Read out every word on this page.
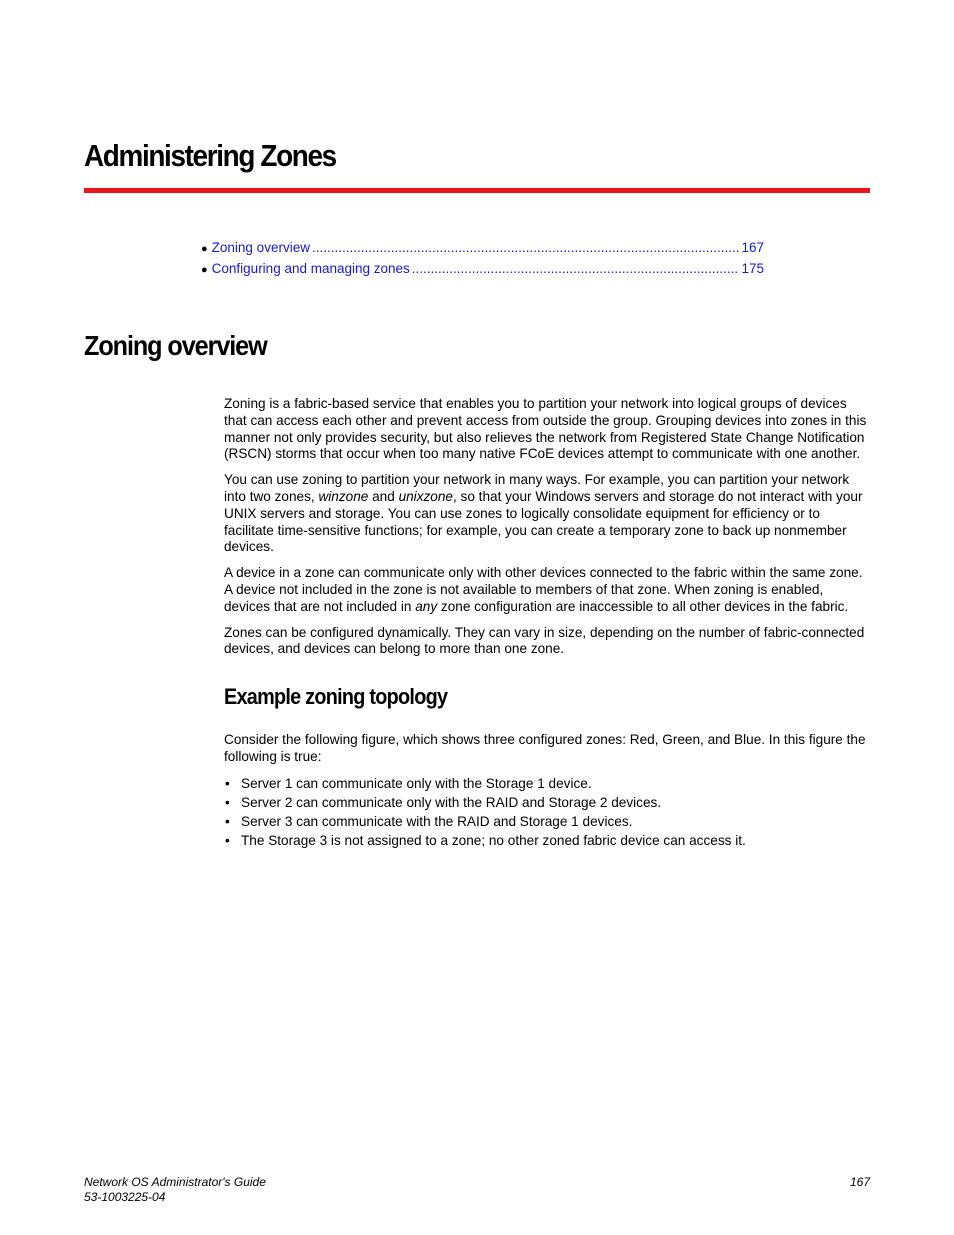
Administering Zones
● Zoning overview .....	167
● Configuring and managing zones .....	175
Zoning overview

Zoning is a fabric-based service that enables you to partition your network into logical groups of devices that can access each other and prevent access from outside the group. Grouping devices into zones in this manner not only provides security, but also relieves the network from Registered State Change Notification (RSCN) storms that occur when too many native FCoE devices attempt to communicate with one another.

You can use zoning to partition your network in many ways. For example, you can partition your network into two zones, winzone and unixzone, so that your Windows servers and storage do not interact with your UNIX servers and storage. You can use zones to logically consolidate equipment for efficiency or to facilitate time-sensitive functions; for example, you can create a temporary zone to back up nonmember devices.

A device in a zone can communicate only with other devices connected to the fabric within the same zone. A device not included in the zone is not available to members of that zone. When zoning is enabled, devices that are not included in any zone configuration are inaccessible to all other devices in the fabric.

Zones can be configured dynamically. They can vary in size, depending on the number of fabric-connected devices, and devices can belong to more than one zone.

Example zoning topology

Consider the following figure, which shows three configured zones: Red, Green, and Blue. In this figure the following is true:

• Server 1 can communicate only with the Storage 1 device.
• Server 2 can communicate only with the RAID and Storage 2 devices.
• Server 3 can communicate with the RAID and Storage 1 devices.
• The Storage 3 is not assigned to a zone; no other zoned fabric device can access it.
Network OS Administrator's Guide
53-1003225-04
167
